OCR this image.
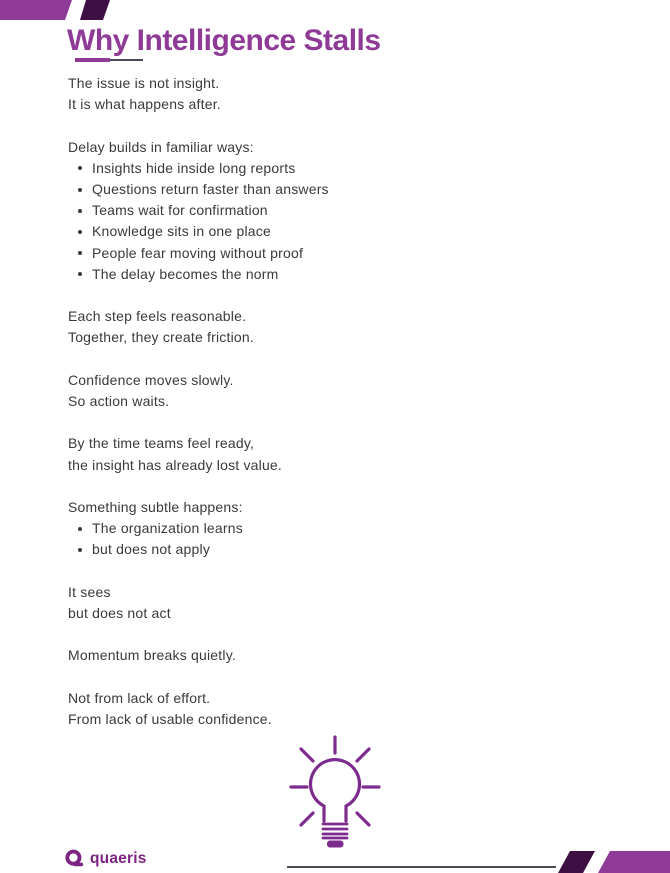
Why Intelligence Stalls
The issue is not insight.
It is what happens after.
Delay builds in familiar ways:
Insights hide inside long reports
Questions return faster than answers
Teams wait for confirmation
Knowledge sits in one place
People fear moving without proof
The delay becomes the norm
Each step feels reasonable.
Together, they create friction.
Confidence moves slowly.
So action waits.
By the time teams feel ready,
the insight has already lost value.
Something subtle happens:
The organization learns
but does not apply
It sees
but does not act
Momentum breaks quietly.
Not from lack of effort.
From lack of usable confidence.
quaeris
